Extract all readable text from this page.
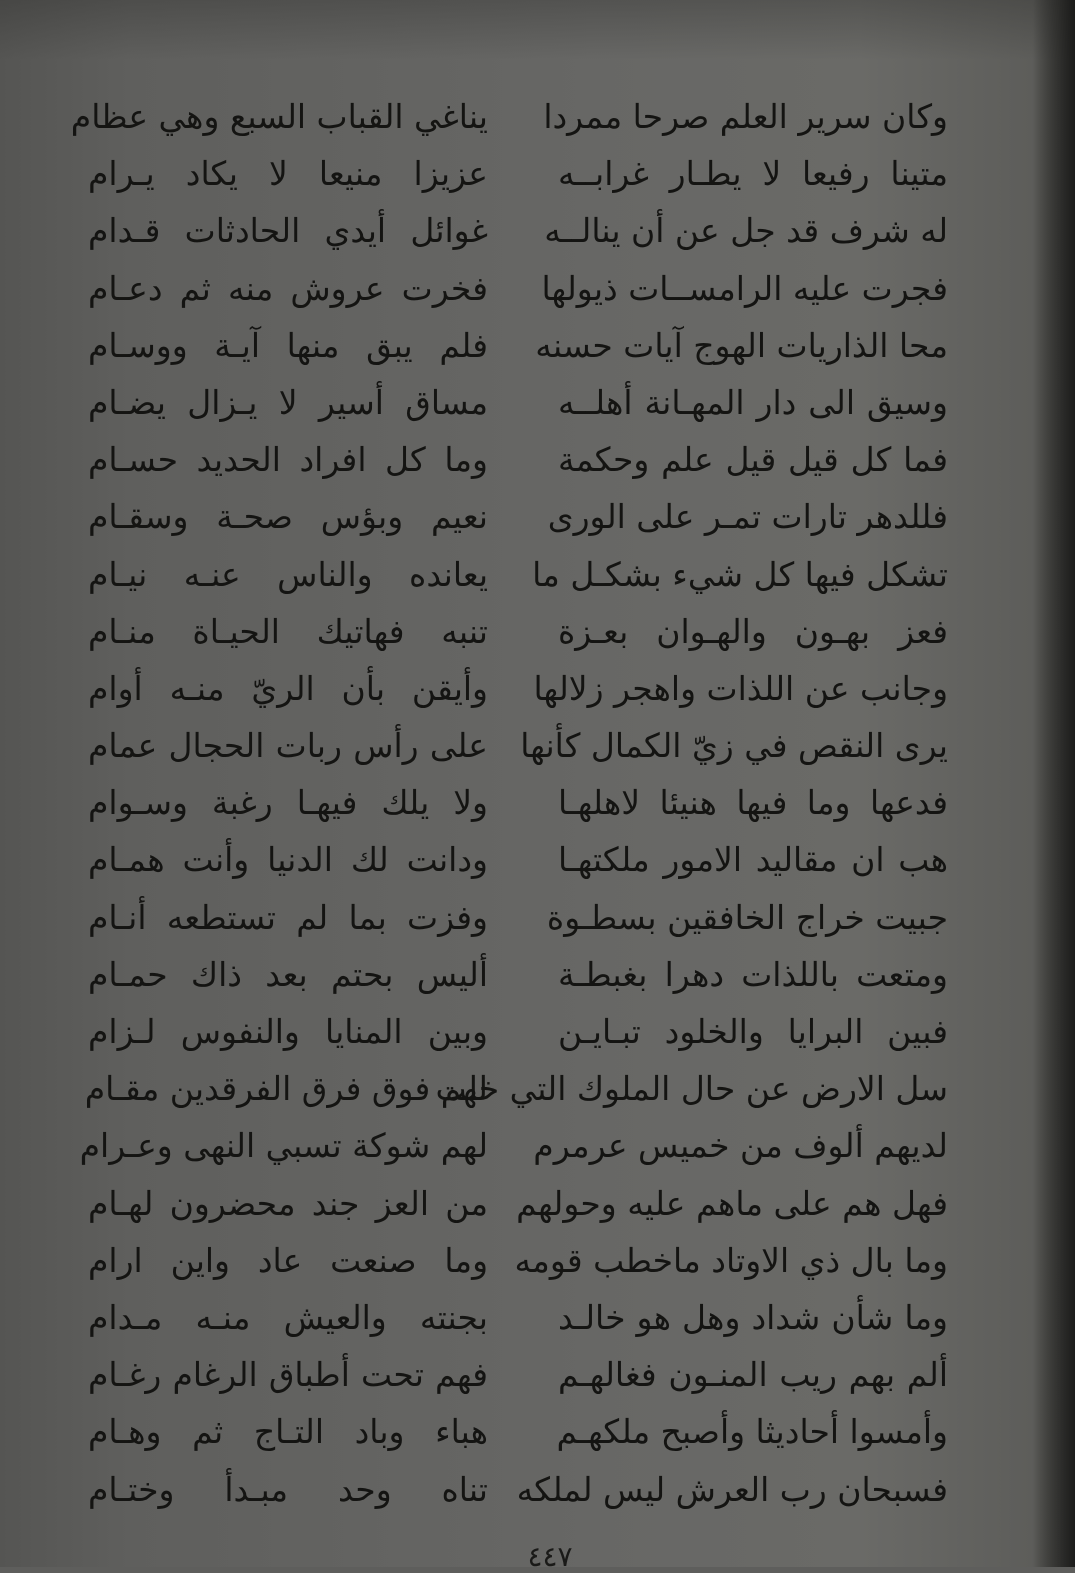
وكان سرير العلم صرحا ممردا
متينا رفيعا لا يطـار غرابــه
له شرف قد جل عن أن ينالــه
فجرت عليه الرامســات ذيولها
محا الذاريات الهوج آيات حسنه
وسيق الى دار المهـانة أهلــه
فما كل قيل قيل علم وحكمة
فللدهر تارات تمـر على الورى
تشكل فيها كل شيء بشكـل ما
فعز بهـون والهـوان بعـزة
وجانب عن اللذات واهجر زلالها
يرى النقص في زيّ الكمال كأنها
فدعها وما فيها هنيئا لاهلهـا
هب ان مقاليد الامور ملكتهـا
جبيت خراج الخافقين بسطـوة
ومتعت باللذات دهرا بغبطـة
فبين البرايا والخلود تبـايـن
سل الارض عن حال الملوك التي خلت
لديهم ألوف من خميس عرمرم
فهل هم على ماهم عليه وحولهم
وما بال ذي الاوتاد ماخطب قومه
وما شأن شداد وهل هو خالـد
ألم بهم ريب المنـون فغالهـم
وأمسوا أحاديثا وأصبح ملكهـم
فسبحان رب العرش ليس لملكه
يناغي القباب السبع وهي عظام
عزيزا منيعا لا يكاد يـرام
غوائل أيدي الحادثات قـدام
فخرت عروش منه ثم دعـام
فلم يبق منها آيـة ووسـام
مساق أسير لا يـزال يضـام
وما كل افراد الحديد حسـام
نعيم وبؤس صحـة وسقـام
يعانده والناس عنـه نيـام
تنبه فهاتيك الحيـاة منـام
وأيقن بأن الريّ منـه أوام
على رأس ربات الحجال عمام
ولا يلك فيهـا رغبة وسـوام
ودانت لك الدنيا وأنت همـام
وفزت بما لم تستطعه أنـام
أليس بحتم بعد ذاك حمـام
وبين المنايا والنفوس لـزام
لهم فوق فرق الفرقدين مقـام
لهم شوكة تسبي النهى وعـرام
من العز جند محضرون لهـام
وما صنعت عاد واين ارام
بجنته والعيش منـه مـدام
فهم تحت أطباق الرغام رغـام
هباء وباد التـاج ثم وهـام
تناه وحد مبـدأ وختـام
٤٤٧
